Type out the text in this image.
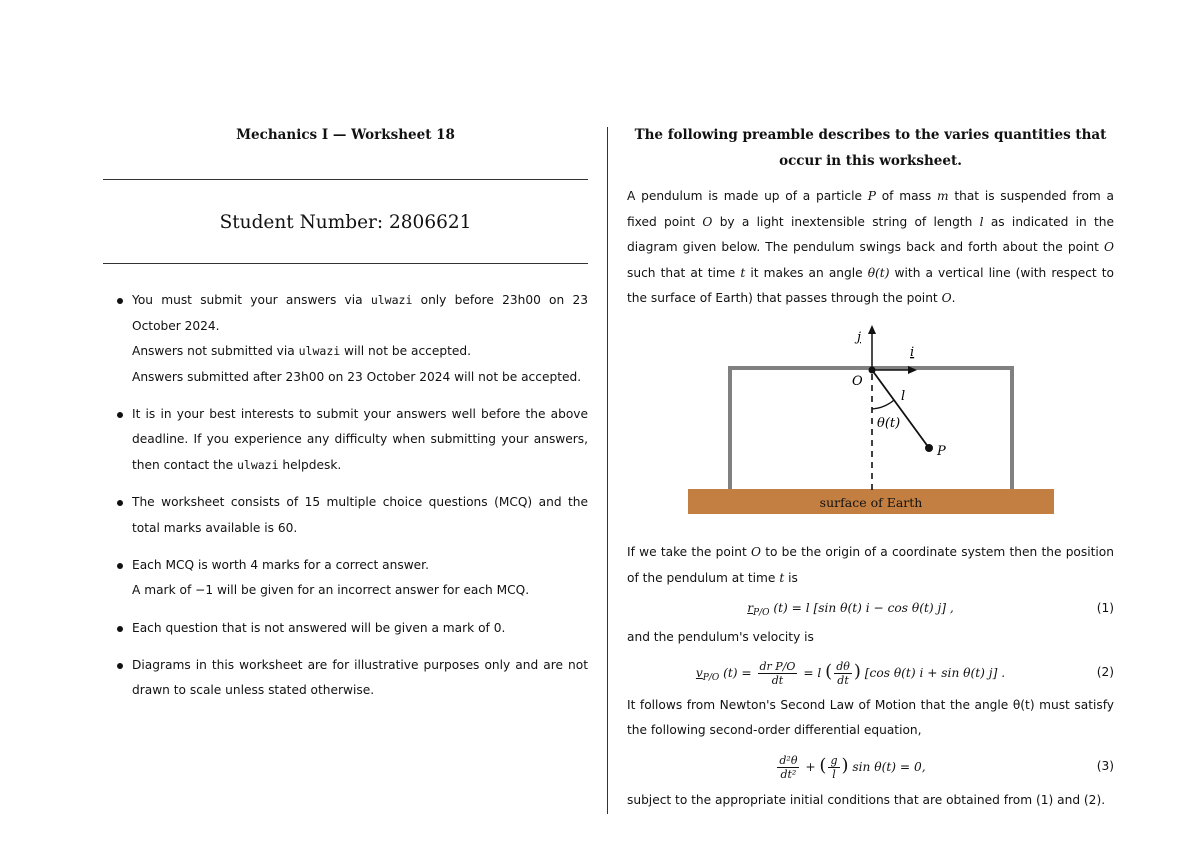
Mechanics I — Worksheet 18
Student Number: 2806621
You must submit your answers via ulwazi only before 23h00 on 23 October 2024.
Answers not submitted via ulwazi will not be accepted.
Answers submitted after 23h00 on 23 October 2024 will not be accepted.
It is in your best interests to submit your answers well before the above deadline. If you experience any difficulty when submitting your answers, then contact the ulwazi helpdesk.
The worksheet consists of 15 multiple choice questions (MCQ) and the total marks available is 60.
Each MCQ is worth 4 marks for a correct answer.
A mark of −1 will be given for an incorrect answer for each MCQ.
Each question that is not answered will be given a mark of 0.
Diagrams in this worksheet are for illustrative purposes only and are not drawn to scale unless stated otherwise.
The following preamble describes to the varies quantities that occur in this worksheet.
A pendulum is made up of a particle P of mass m that is suspended from a fixed point O by a light inextensible string of length l as indicated in the diagram given below. The pendulum swings back and forth about the point O such that at time t it makes an angle θ(t) with a vertical line (with respect to the surface of Earth) that passes through the point O.
surface of Earth
j
i
O
l
θ(t)
P
If we take the point O to be the origin of a coordinate system then the position of the pendulum at time t is
$r_{P/O}$ (t) = l [sin θ(t) i − cos θ(t) j] ,	(1)
and the pendulum's velocity is
$v_{P/O}$ $(t) = \frac{\text{dr P/O}}{dt} = l$ ( $\frac{d\theta}{dt}$ ) [cos θ(t) i + sin θ(t) j] .	(2)
It follows from Newton's Second Law of Motion that the angle θ(t) must satisfy the following second-order differential equation,
$\frac{\text{d²θ}}{\text{dt²}}$ + ( $\frac{g}{l}$ ) sin θ(t) = 0,	(3)
subject to the appropriate initial conditions that are obtained from (1) and (2).
